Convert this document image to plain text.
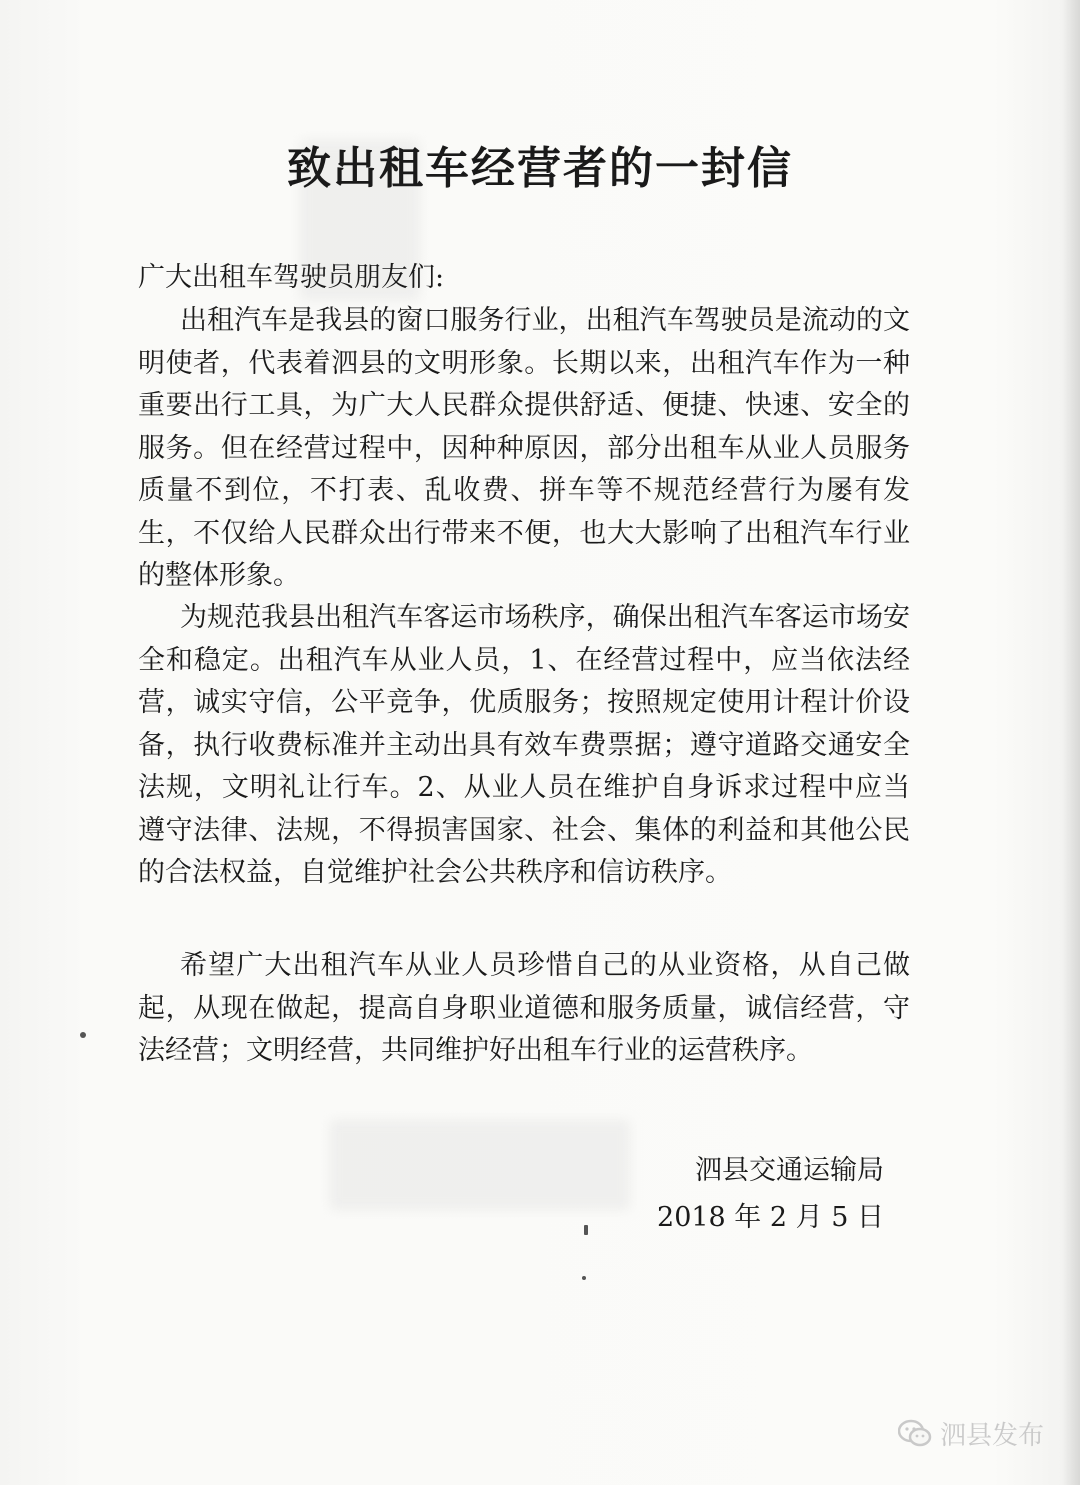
致出租车经营者的一封信
广大出租车驾驶员朋友们:

出租汽车是我县的窗口服务行业，出租汽车驾驶员是流动的文明使者，代表着泗县的文明形象。长期以来，出租汽车作为一种重要出行工具，为广大人民群众提供舒适、便捷、快速、安全的服务。但在经营过程中，因种种原因，部分出租车从业人员服务质量不到位，不打表、乱收费、拼车等不规范经营行为屡有发生，不仅给人民群众出行带来不便，也大大影响了出租汽车行业的整体形象。

为规范我县出租汽车客运市场秩序，确保出租汽车客运市场安全和稳定。出租汽车从业人员，1、在经营过程中，应当依法经营，诚实守信，公平竞争，优质服务；按照规定使用计程计价设备，执行收费标准并主动出具有效车费票据；遵守道路交通安全法规，文明礼让行车。2、从业人员在维护自身诉求过程中应当遵守法律、法规，不得损害国家、社会、集体的利益和其他公民的合法权益，自觉维护社会公共秩序和信访秩序。

希望广大出租汽车从业人员珍惜自己的从业资格，从自己做起，从现在做起，提高自身职业道德和服务质量，诚信经营，守法经营；文明经营，共同维护好出租车行业的运营秩序。

泗县交通运输局
2018 年 2 月 5 日
泗县发布
